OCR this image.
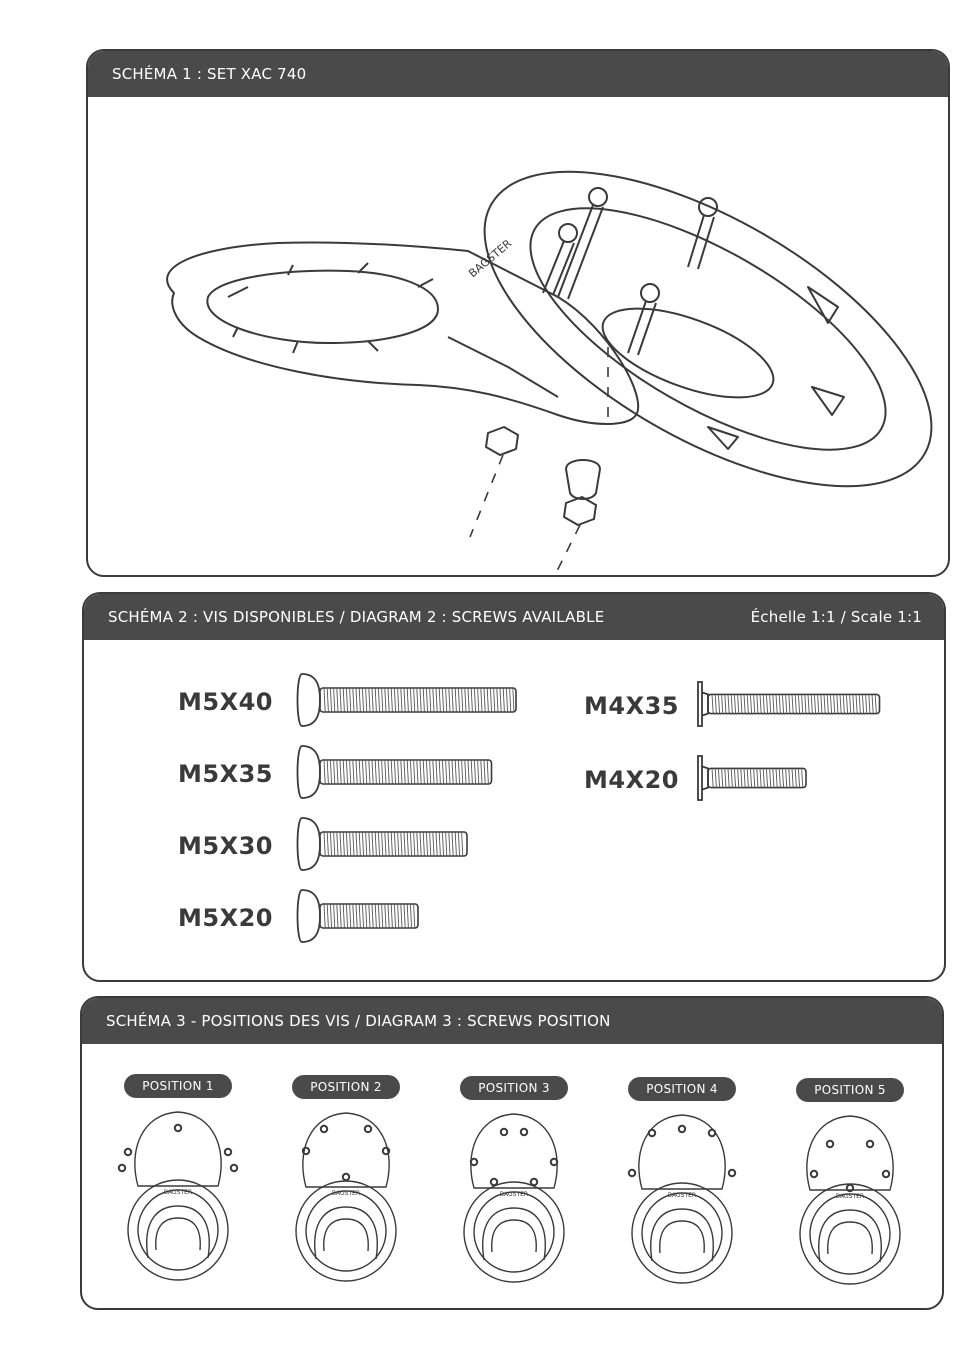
SCHÉMA 1 : SET XAC 740
BAGSTER
SCHÉMA 2 : VIS DISPONIBLES / DIAGRAM 2 : SCREWS AVAILABLE	Échelle 1:1 / Scale 1:1
M5X40
M5X35
M5X30
M5X20
M4X35
M4X20
SCHÉMA 3 - POSITIONS DES VIS / DIAGRAM 3 : SCREWS POSITION
POSITION 1
BAGSTER
POSITION 2
BAGSTER
POSITION 3
BAGSTER
POSITION 4
BAGSTER
POSITION 5
BAGSTER
